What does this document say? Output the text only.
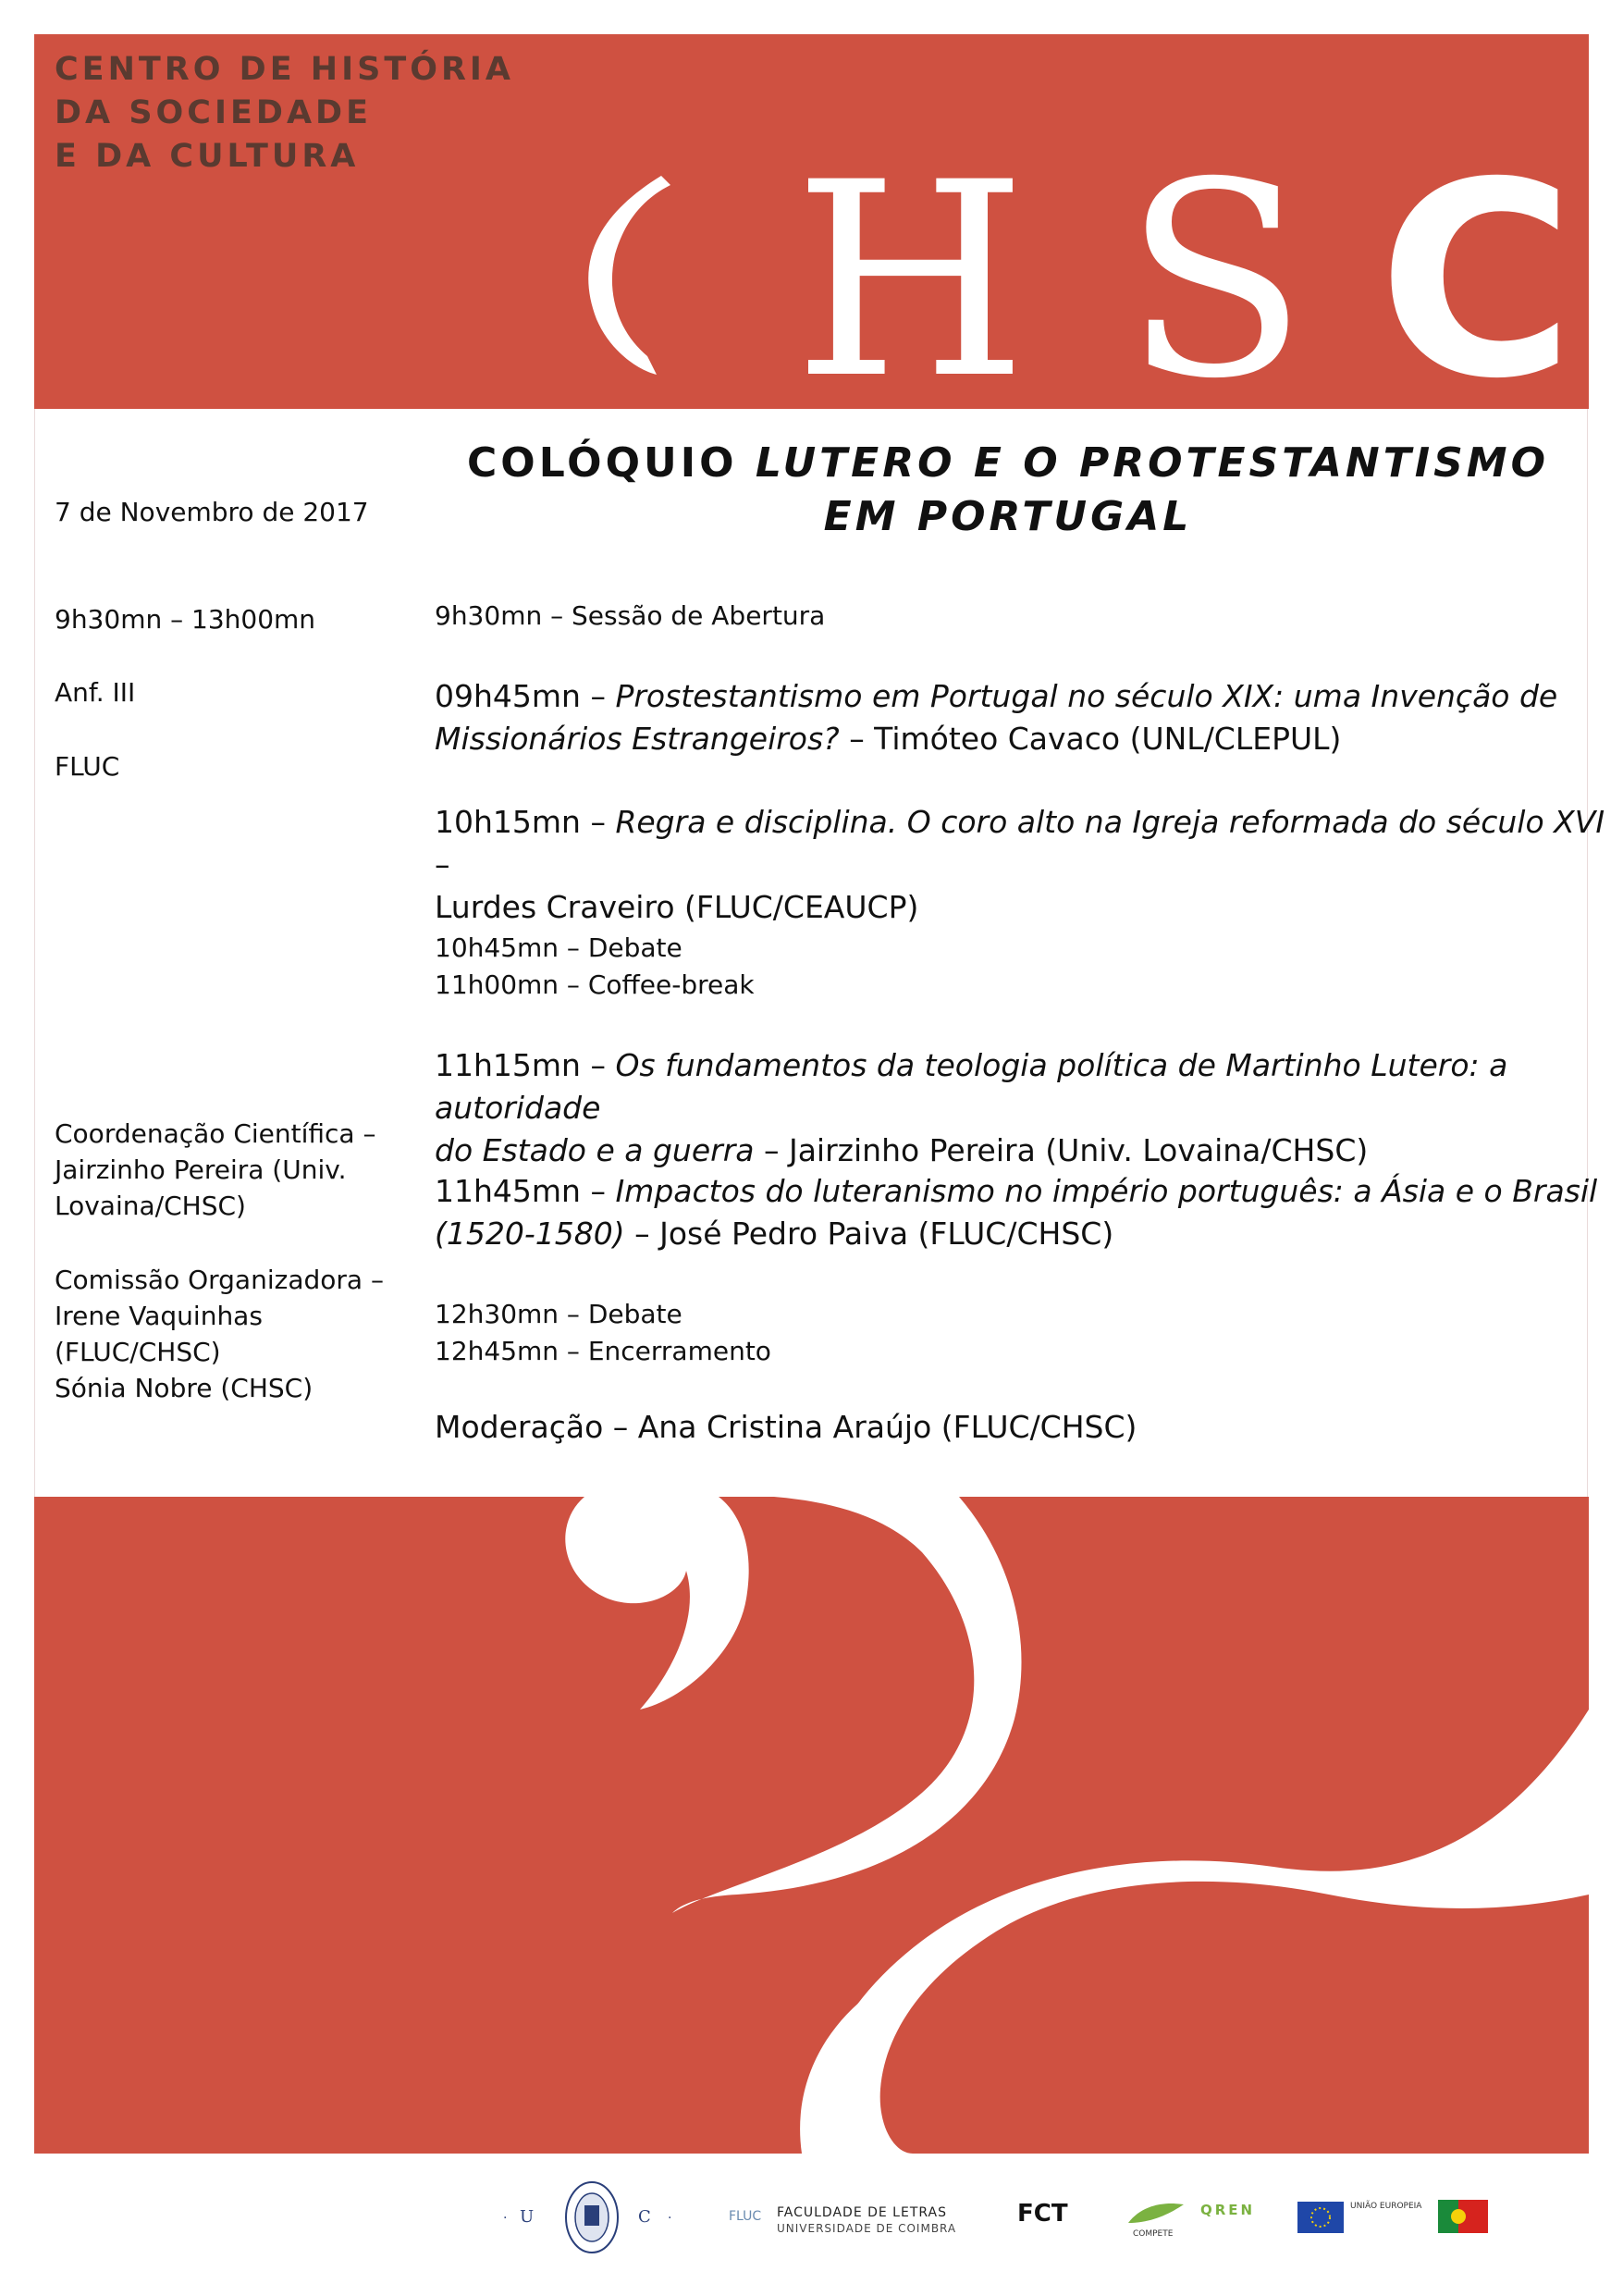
CENTRO DE HISTÓRIA
DA SOCIEDADE
E DA CULTURA H S C
COLÓQUIO LUTERO E O PROTESTANTISMO EM PORTUGAL
7 de Novembro de 2017
9h30mn – 13h00mn
Anf. III
FLUC
Coordenação Científica –
Jairzinho Pereira (Univ.
Lovaina/CHSC)
Comissão Organizadora –
Irene Vaquinhas
(FLUC/CHSC)
Sónia Nobre (CHSC)
9h30mn – Sessão de Abertura
09h45mn – Prostestantismo em Portugal no século XIX: uma Invenção de
Missionários Estrangeiros? – Timóteo Cavaco (UNL/CLEPUL)
10h15mn – Regra e disciplina. O coro alto na Igreja reformada do século XVI –
Lurdes Craveiro (FLUC/CEAUCP)
10h45mn – Debate
11h00mn – Coffee-break
11h15mn – Os fundamentos da teologia política de Martinho Lutero: a autoridade
do Estado e a guerra – Jairzinho Pereira (Univ. Lovaina/CHSC)
11h45mn – Impactos do luteranismo no império português: a Ásia e o Brasil
(1520-1580) – José Pedro Paiva (FLUC/CHSC)
12h30mn – Debate
12h45mn – Encerramento
Moderação – Ana Cristina Araújo (FLUC/CHSC)
· U	C ·	FLUC FACULDADE DE LETRAS
UNIVERSIDADE DE COIMBRA
FCT
COMPETE
QREN	UNIÃO EUROPEIA
